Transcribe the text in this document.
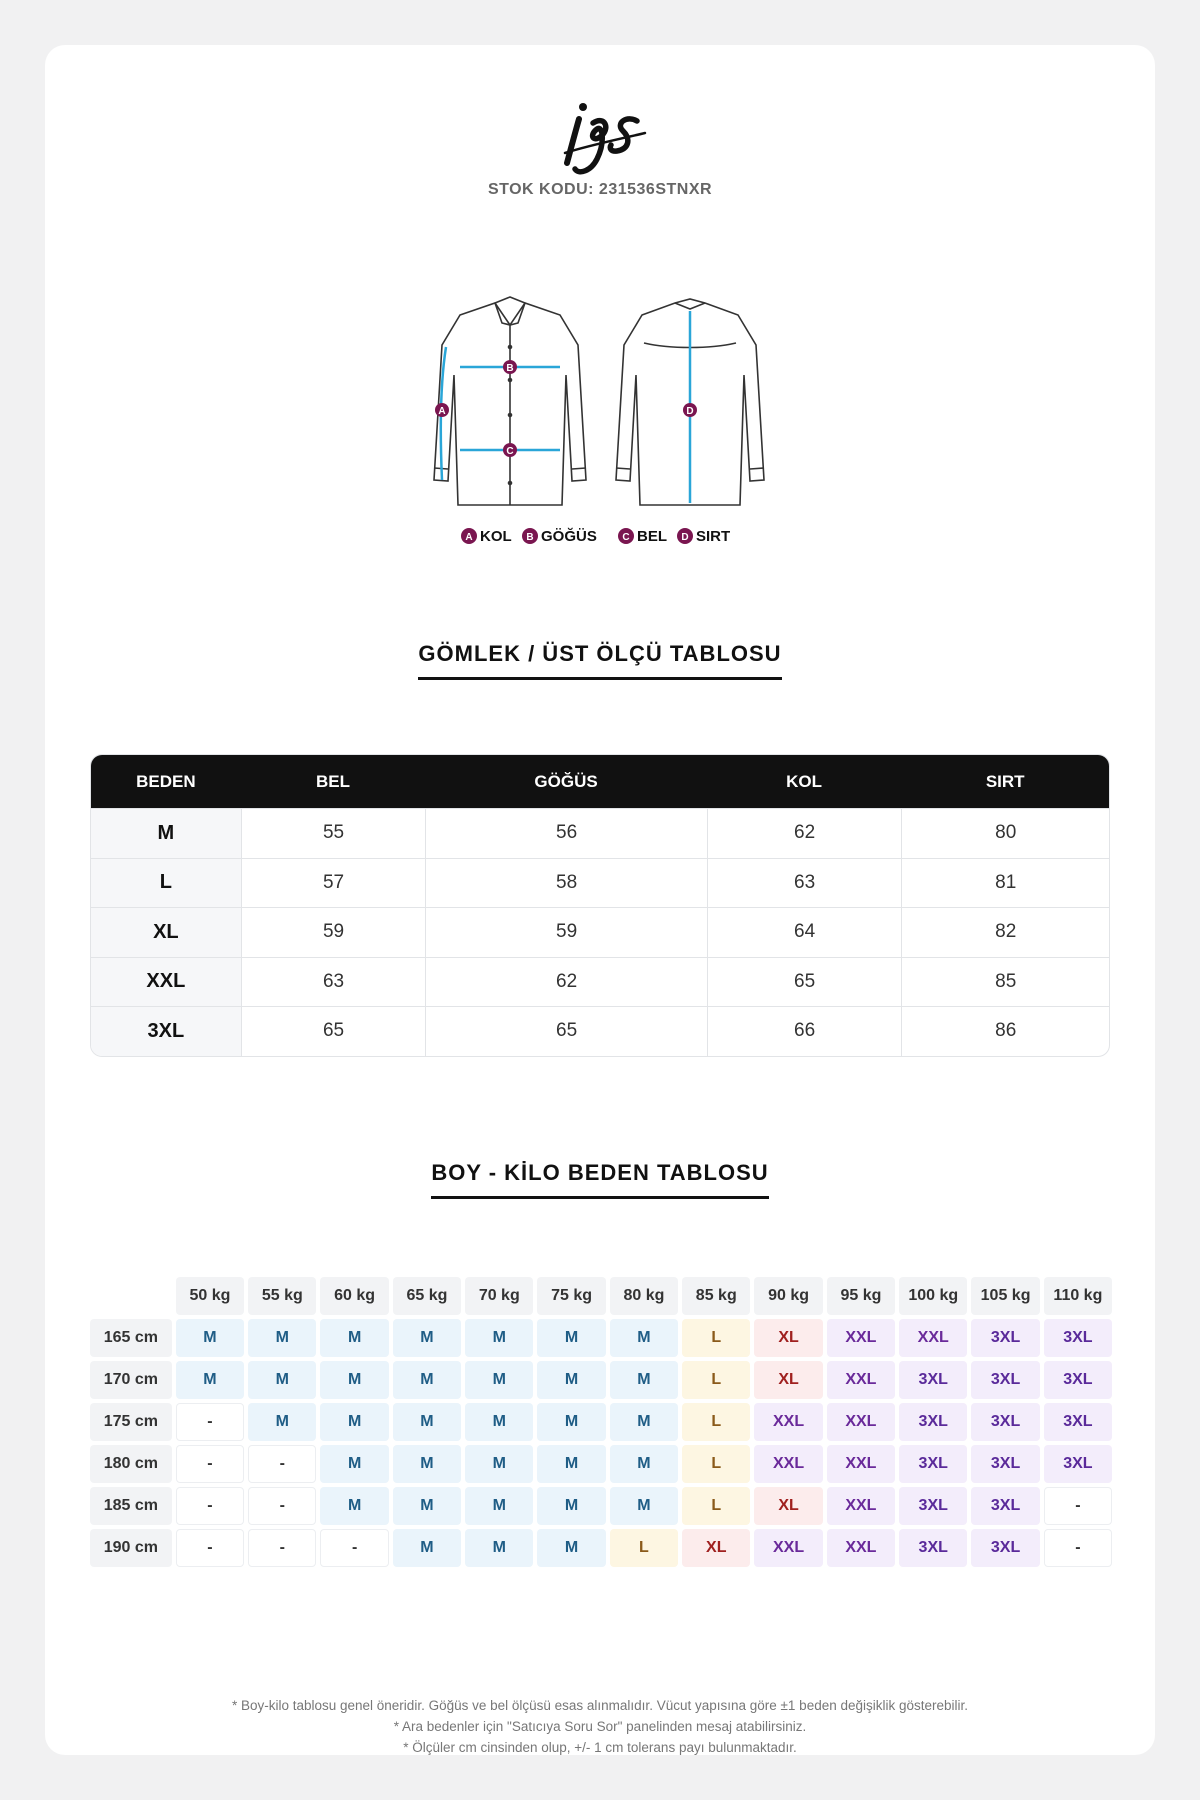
STOK KODU: 231536STNXR
A
B
C
D
A KOL B GÖĞÜS	C BEL D SIRT
GÖMLEK / ÜST ÖLÇÜ TABLOSU
BEDEN	BEL	GÖĞÜS	KOL	SIRT
M	55	56	62	80
L	57	58	63	81
XL	59	59	64	82
XXL	63	62	65	85
3XL	65	65	66	86
BOY - KİLO BEDEN TABLOSU
50 kg	55 kg	60 kg	65 kg	70 kg	75 kg	80 kg	85 kg	90 kg	95 kg	100 kg	105 kg	110 kg
165 cm	M	M	M	M	M	M	M	L	XL	XXL	XXL	3XL	3XL
170 cm	M	M	M	M	M	M	M	L	XL	XXL	3XL	3XL	3XL
175 cm	-	M	M	M	M	M	M	L	XXL	XXL	3XL	3XL	3XL
180 cm	-	-	M	M	M	M	M	L	XXL	XXL	3XL	3XL	3XL
185 cm	-	-	M	M	M	M	M	L	XL	XXL	3XL	3XL	-
190 cm	-	-	-	M	M	M	L	XL	XXL	XXL	3XL	3XL	-
* Boy-kilo tablosu genel öneridir. Göğüs ve bel ölçüsü esas alınmalıdır. Vücut yapısına göre ±1 beden değişiklik gösterebilir.
* Ara bedenler için "Satıcıya Soru Sor" panelinden mesaj atabilirsiniz.
* Ölçüler cm cinsinden olup, +/- 1 cm tolerans payı bulunmaktadır.
